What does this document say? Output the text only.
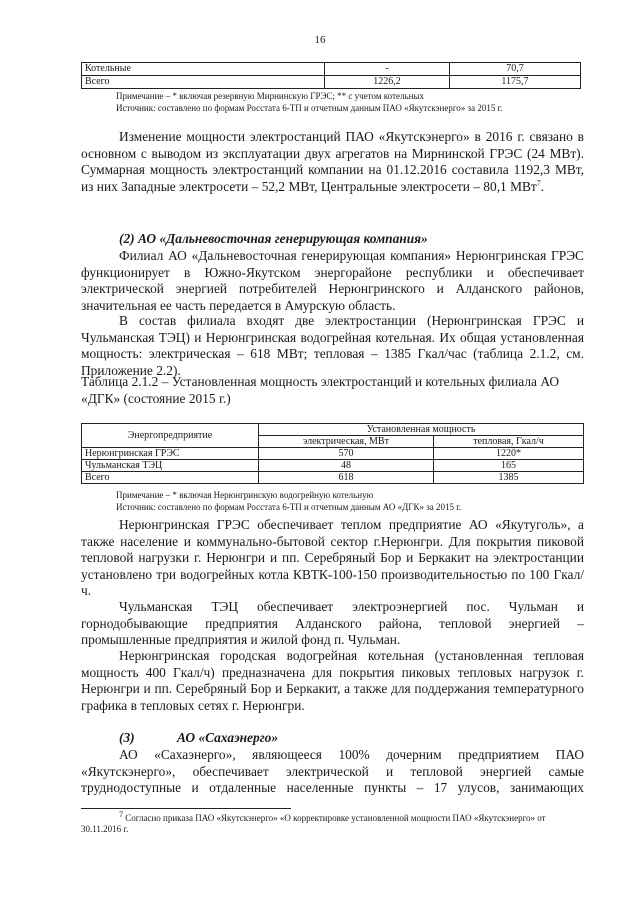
16
Котельные	-	70,7
Всего	1226,2	1175,7
Примечание – * включая резервную Мирнинскую ГРЭС; ** с учетом котельных
Источник: составлено по формам Росстата 6-ТП и отчетным данным ПАО «Якутскэнерго» за 2015 г.
Изменение мощности электростанций ПАО «Якутскэнерго» в 2016 г. связано в основном с выводом из эксплуатации двух агрегатов на Мирнинской ГРЭС (24 МВт). Суммарная мощность электростанций компании на 01.12.2016 составила 1192,3 МВт, из них Западные электросети – 52,2 МВт, Центральные электросети – 80,1 МВт$^7$.
(2) АО «Дальневосточная генерирующая компания»
Филиал АО «Дальневосточная генерирующая компания» Нерюнгринская ГРЭС функционирует в Южно-Якутском энергорайоне республики и обеспечивает электрической энергией потребителей Нерюнгринского и Алданского районов, значительная ее часть передается в Амурскую область.
В состав филиала входят две электростанции (Нерюнгринская ГРЭС и Чульманская ТЭЦ) и Нерюнгринская водогрейная котельная. Их общая установленная мощность: электрическая – 618 МВт; тепловая – 1385 Гкал/час (таблица 2.1.2, см. Приложение 2.2).
Таблица 2.1.2 – Установленная мощность электростанций и котельных филиала АО «ДГК» (состояние 2015 г.)
Энергопредприятие	Установленная мощность	
	электрическая, МВт	тепловая, Гкал/ч
Нерюнгринская ГРЭС	570	1220*
Чульманская ТЭЦ	48	165
Всего	618	1385
Примечание – * включая Нерюнгринскую водогрейную котельную
Источник: составлено по формам Росстата 6-ТП и отчетным данным АО «ДГК» за 2015 г.
Нерюнгринская ГРЭС обеспечивает теплом предприятие АО «Якутуголь», а также население и коммунально-бытовой сектор г.Нерюнгри. Для покрытия пиковой тепловой нагрузки г. Нерюнгри и пп. Серебряный Бор и Беркакит на электростанции установлено три водогрейных котла КВТК-100-150 производительностью по 100 Гкал/ч.
Чульманская ТЭЦ обеспечивает электроэнергией пос. Чульман и горнодобывающие предприятия Алданского района, тепловой энергией – промышленные предприятия и жилой фонд п. Чульман.
Нерюнгринская городская водогрейная котельная (установленная тепловая мощность 400 Гкал/ч) предназначена для покрытия пиковых тепловых нагрузок г. Нерюнгри и пп. Серебряный Бор и Беркакит, а также для поддержания температурного графика в тепловых сетях г. Нерюнгри.
(3)	АО «Сахаэнерго»
АО «Сахаэнерго», являющееся 100% дочерним предприятием ПАО «Якутскэнерго», обеспечивает электрической и тепловой энергией самые труднодоступные и отдаленные населенные пункты – 17 улусов, занимающих
$^7$ Согласно приказа ПАО «Якутскэнерго» «О корректировке установленной мощности ПАО «Якутскэнерго» от 30.11.2016 г.
